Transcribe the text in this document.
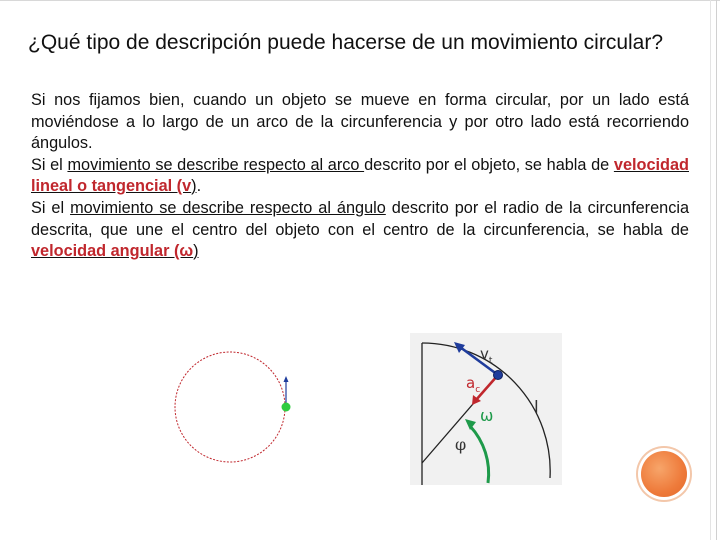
¿Qué tipo de descripción puede hacerse de un movimiento circular?

Si nos fijamos bien, cuando un objeto se mueve en forma circular, por un lado está moviéndose a lo largo de un arco de la circunferencia y por otro lado está recorriendo ángulos.

Si el movimiento se describe respecto al arco descrito por el objeto, se habla de velocidad lineal o tangencial (v).

Si el movimiento se describe respecto al ángulo descrito por el radio de la circunferencia descrita, que une el centro del objeto con el centro de la circunferencia, se habla de velocidad angular (ω)

$v_t$
$a_c$
ω
φ
l
